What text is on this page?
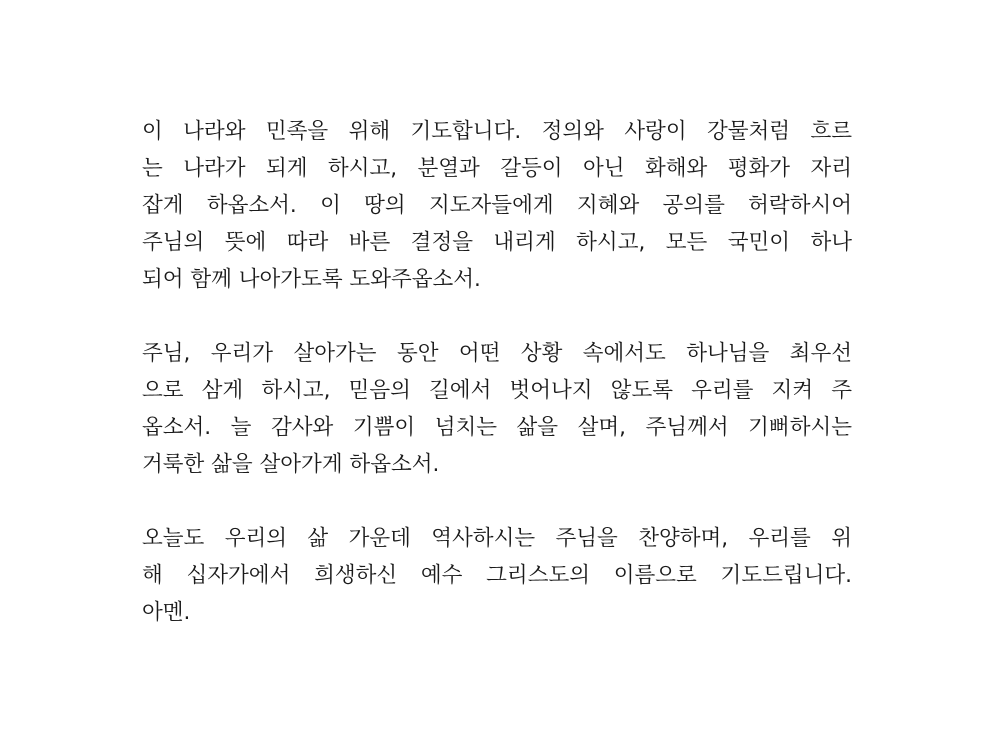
이 나라와 민족을 위해 기도합니다. 정의와 사랑이 강물처럼 흐르
는 나라가 되게 하시고, 분열과 갈등이 아닌 화해와 평화가 자리
잡게 하옵소서. 이 땅의 지도자들에게 지혜와 공의를 허락하시어
주님의 뜻에 따라 바른 결정을 내리게 하시고, 모든 국민이 하나
되어 함께 나아가도록 도와주옵소서.

주님, 우리가 살아가는 동안 어떤 상황 속에서도 하나님을 최우선
으로 삼게 하시고, 믿음의 길에서 벗어나지 않도록 우리를 지켜 주
옵소서. 늘 감사와 기쁨이 넘치는 삶을 살며, 주님께서 기뻐하시는
거룩한 삶을 살아가게 하옵소서.

오늘도 우리의 삶 가운데 역사하시는 주님을 찬양하며, 우리를 위
해 십자가에서 희생하신 예수 그리스도의 이름으로 기도드립니다.
아멘.
